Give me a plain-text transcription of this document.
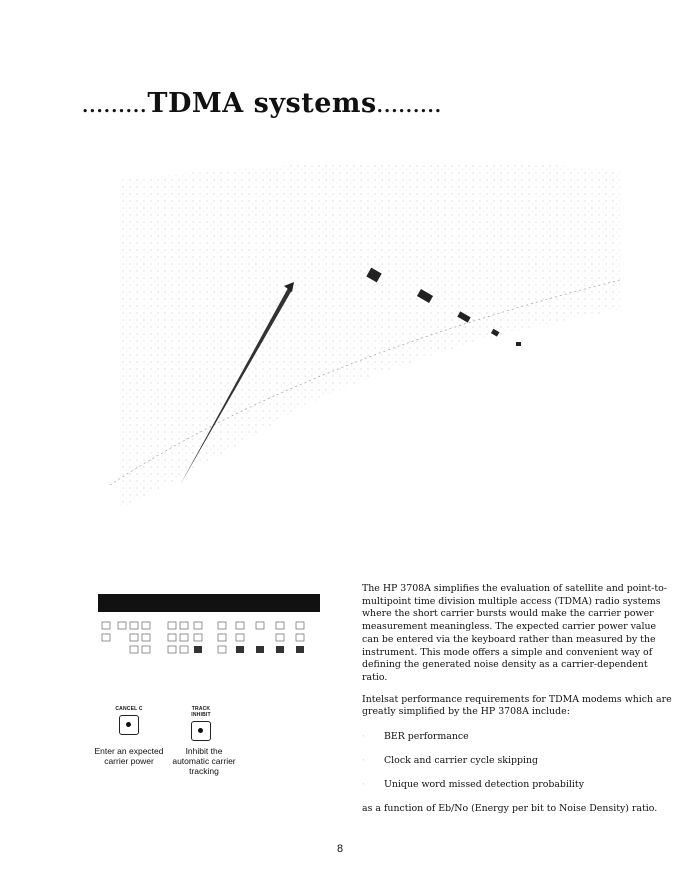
.........TDMA systems.........
CANCEL C	TRACK INHIBIT
Enter an expected carrier power
Inhibit the automatic carrier tracking

The HP 3708A simplifies the evaluation of satellite and point-to-multipoint time division multiple access (TDMA) radio systems where the short carrier bursts would make the carrier power measurement meaningless. The expected carrier power value can be entered via the keyboard rather than measured by the instrument. This mode offers a simple and convenient way of defining the generated noise density as a carrier-dependent ratio.

Intelsat performance requirements for TDMA modems which are greatly simplified by the HP 3708A include:

·	BER performance
·	Clock and carrier cycle skipping
·	Unique word missed detection probability

as a function of Eb/No (Energy per bit to Noise Density) ratio.

8
